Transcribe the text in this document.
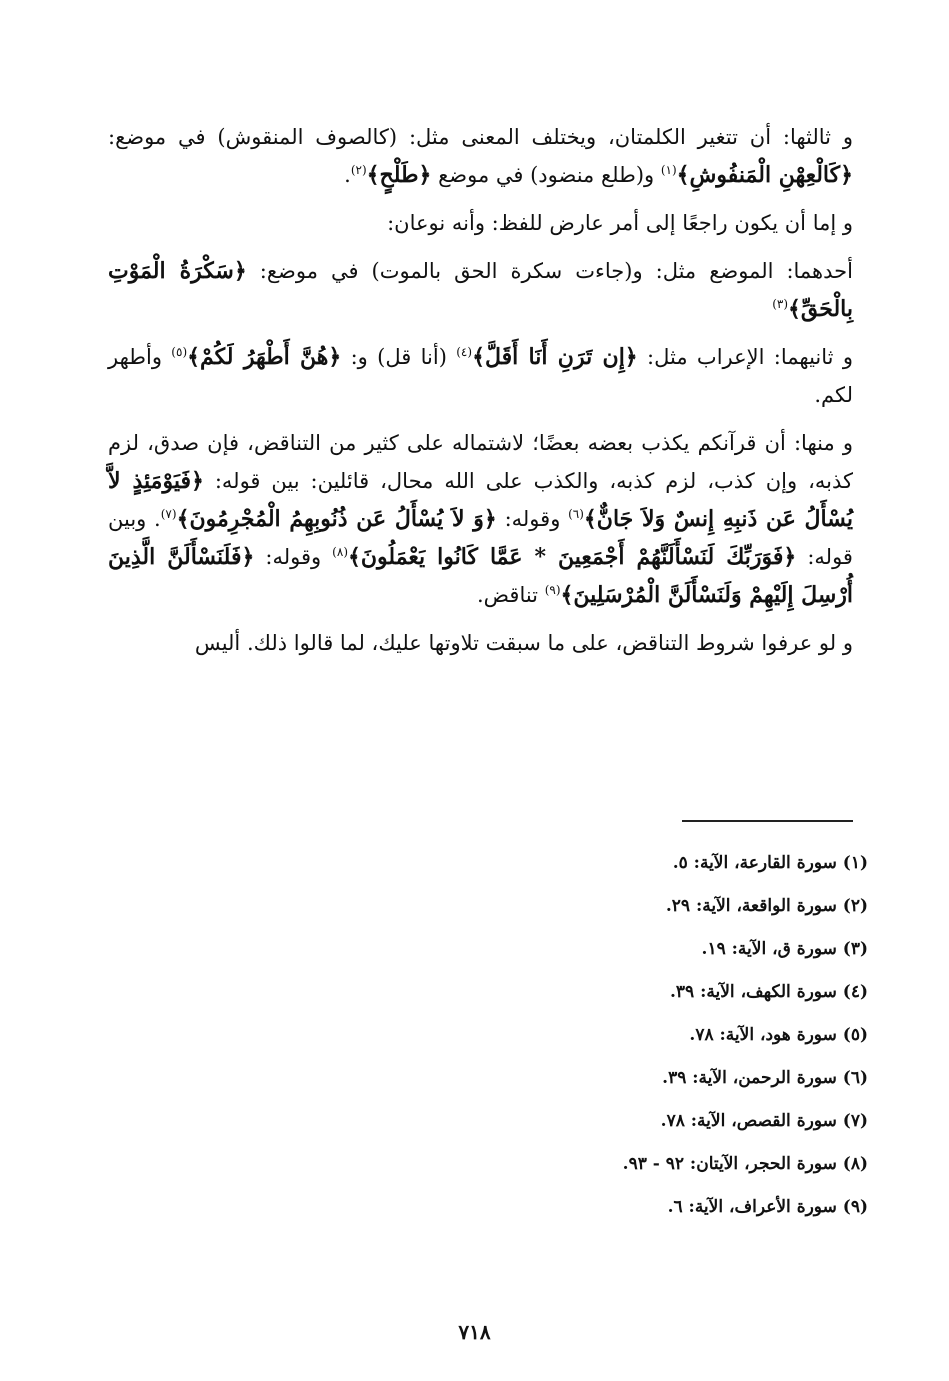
و ثالثها: أن تتغير الكلمتان، ويختلف المعنى مثل: (كالصوف المنقوش) في موضع: ﴿كَالْعِهْنِ الْمَنفُوشِ﴾$^{(١)}$ و(طلع منضود) في موضع ﴿طَلْحٍ﴾$^{(٢)}$.

و إما أن يكون راجعًا إلى أمر عارض للفظ: وأنه نوعان:

أحدهما: الموضع مثل: و(جاءت سكرة الحق بالموت) في موضع: ﴿سَكْرَةُ الْمَوْتِ بِالْحَقِّ﴾$^{(٣)}$

و ثانيهما: الإعراب مثل: ﴿إِن تَرَنِ أَنَا أَقَلَّ﴾$^{(٤)}$ (أنا قل) و: ﴿هُنَّ أَطْهَرُ لَكُمْ﴾$^{(٥)}$ وأطهر لكم.

و منها: أن قرآنكم يكذب بعضه بعضًا؛ لاشتماله على كثير من التناقض، فإن صدق، لزم كذبه، وإن كذب، لزم كذبه، والكذب على الله محال، قائلين: بين قوله: ﴿فَيَوْمَئِذٍ لاَّ يُسْأَلُ عَن ذَنبِهِ إِنسٌ وَلاَ جَانٌّ﴾$^{(٦)}$ وقوله: ﴿وَ لاَ يُسْأَلُ عَن ذُنُوبِهِمُ الْمُجْرِمُونَ﴾$^{(٧)}$. وبين قوله: ﴿فَوَرَبِّكَ لَنَسْأَلَنَّهُمْ أَجْمَعِينَ * عَمَّا كَانُوا يَعْمَلُونَ﴾$^{(٨)}$ وقوله: ﴿فَلَنَسْأَلَنَّ الَّذِينَ أُرْسِلَ إِلَيْهِمْ وَلَنَسْأَلَنَّ الْمُرْسَلِينَ﴾$^{(٩)}$ تناقض.

و لو عرفوا شروط التناقض، على ما سبقت تلاوتها عليك، لما قالوا ذلك. أليس

(١) سورة القارعة، الآية: ٥.
(٢) سورة الواقعة، الآية: ٢٩.
(٣) سورة ق، الآية: ١٩.
(٤) سورة الكهف، الآية: ٣٩.
(٥) سورة هود، الآية: ٧٨.
(٦) سورة الرحمن، الآية: ٣٩.
(٧) سورة القصص، الآية: ٧٨.
(٨) سورة الحجر، الآيتان: ٩٢ - ٩٣.
(٩) سورة الأعراف، الآية: ٦.
٧١٨
